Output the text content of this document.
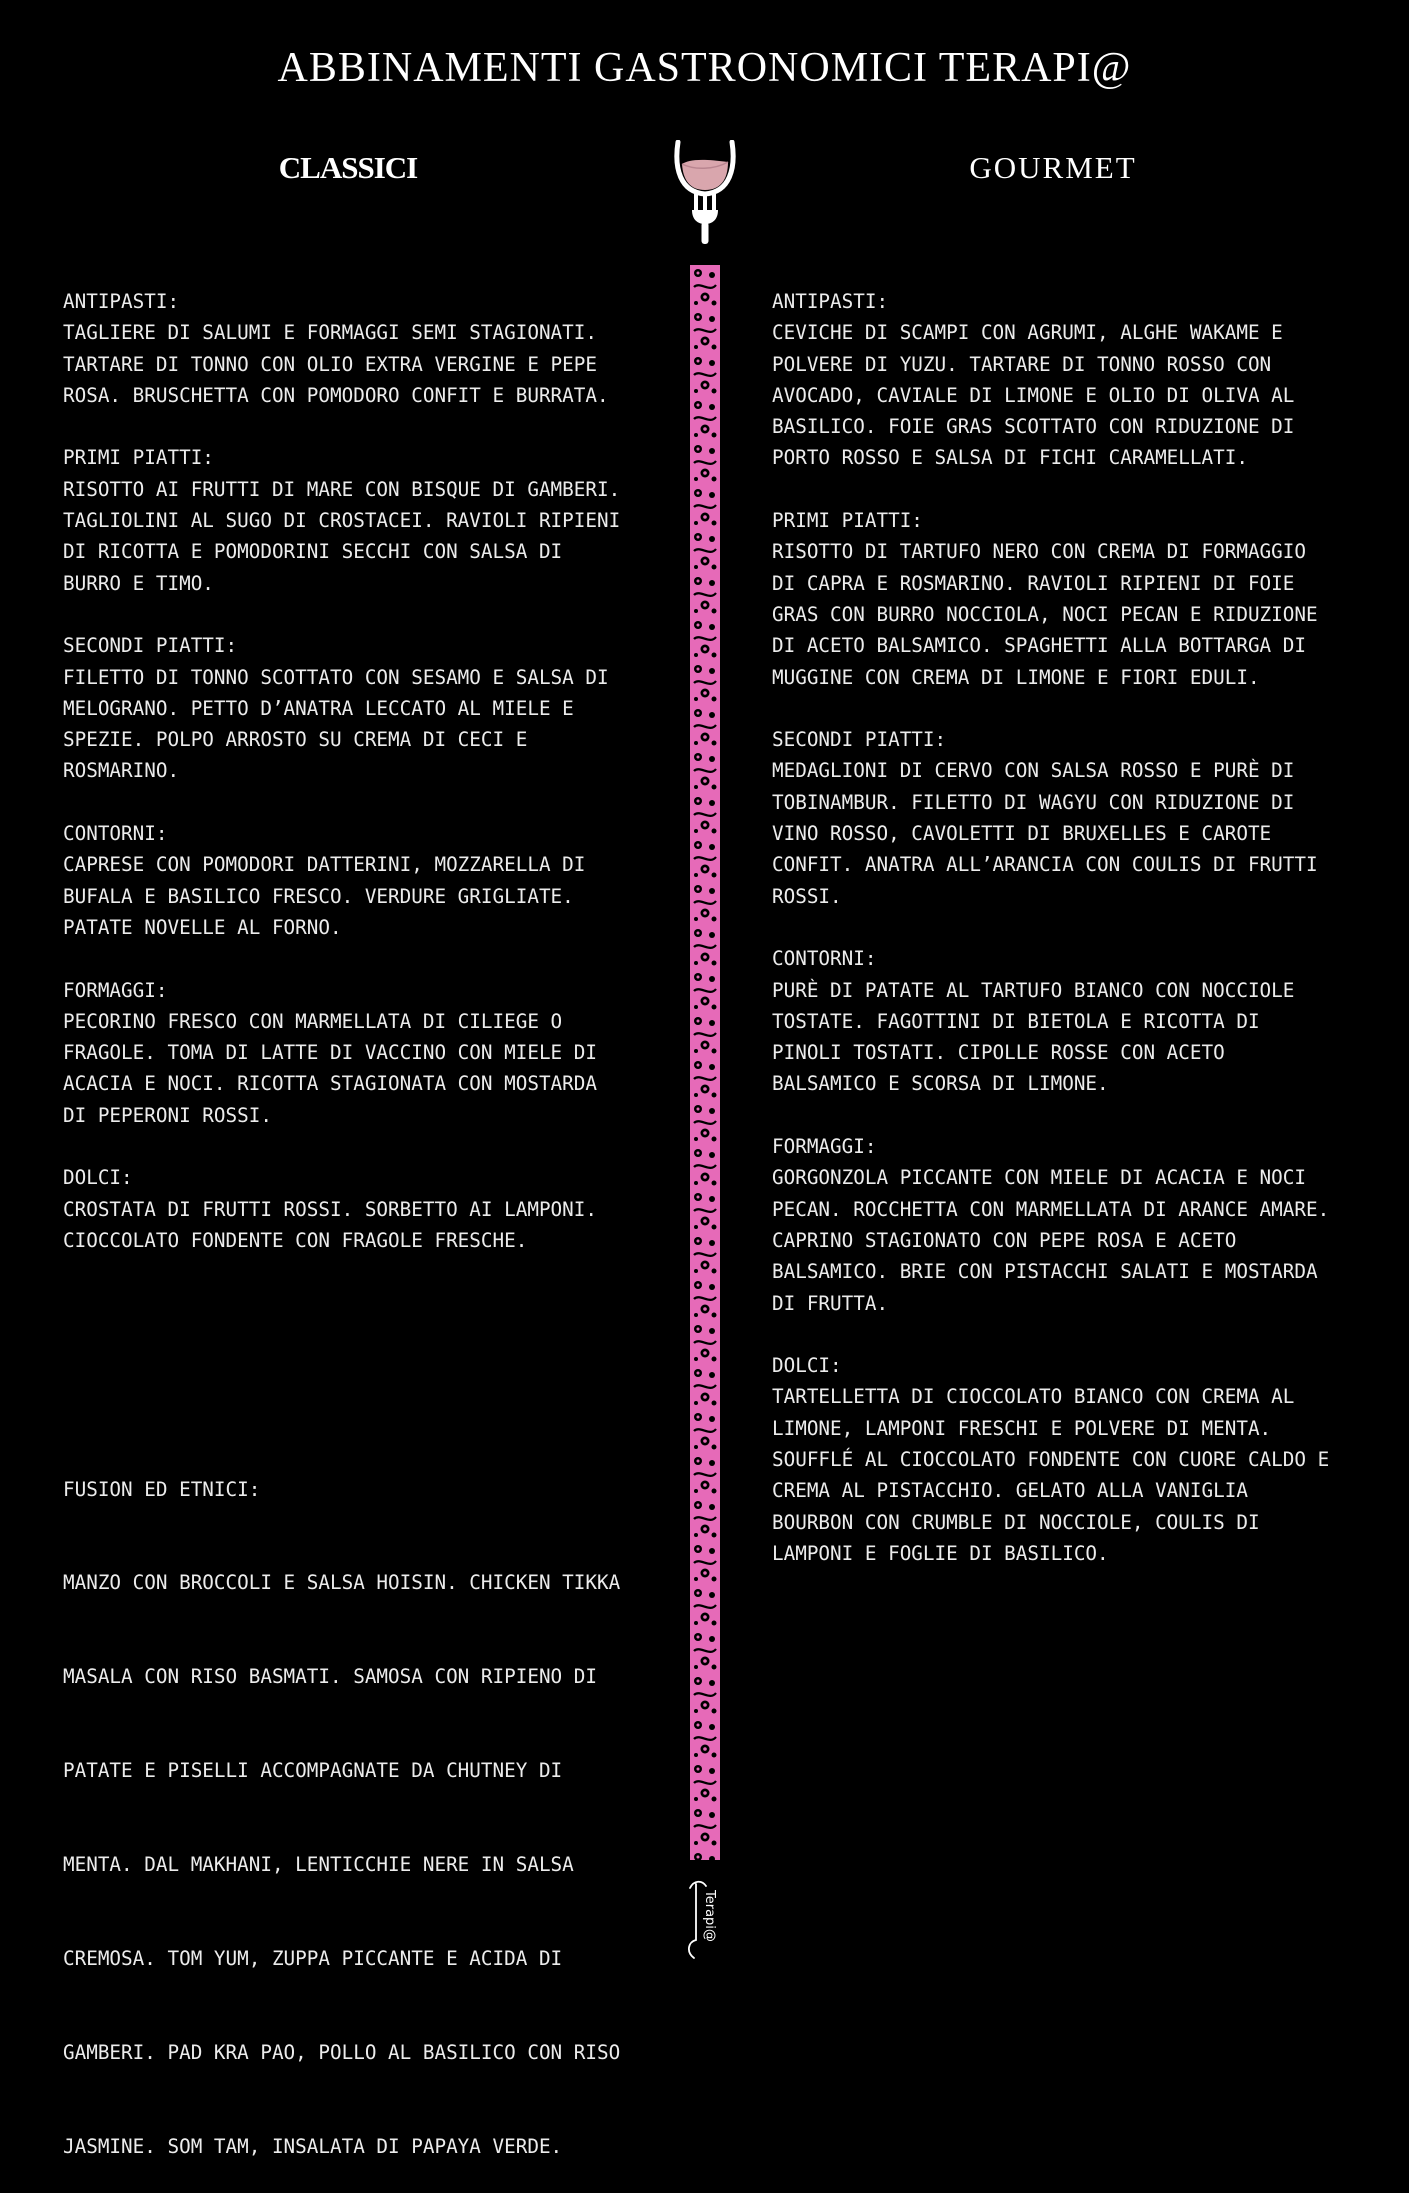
ABBINAMENTI GASTRONOMICI TERAPI@
CLASSICI	GOURMET
ANTIPASTI:
TAGLIERE DI SALUMI E FORMAGGI SEMI STAGIONATI.
TARTARE DI TONNO CON OLIO EXTRA VERGINE E PEPE
ROSA. BRUSCHETTA CON POMODORO CONFIT E BURRATA.
PRIMI PIATTI:
RISOTTO AI FRUTTI DI MARE CON BISQUE DI GAMBERI.
TAGLIOLINI AL SUGO DI CROSTACEI. RAVIOLI RIPIENI
DI RICOTTA E POMODORINI SECCHI CON SALSA DI
BURRO E TIMO.
SECONDI PIATTI:
FILETTO DI TONNO SCOTTATO CON SESAMO E SALSA DI
MELOGRANO. PETTO D’ANATRA LECCATO AL MIELE E
SPEZIE. POLPO ARROSTO SU CREMA DI CECI E
ROSMARINO.
CONTORNI:
CAPRESE CON POMODORI DATTERINI, MOZZARELLA DI
BUFALA E BASILICO FRESCO. VERDURE GRIGLIATE.
PATATE NOVELLE AL FORNO.
FORMAGGI:
PECORINO FRESCO CON MARMELLATA DI CILIEGE O
FRAGOLE. TOMA DI LATTE DI VACCINO CON MIELE DI
ACACIA E NOCI. RICOTTA STAGIONATA CON MOSTARDA
DI PEPERONI ROSSI.
DOLCI:
CROSTATA DI FRUTTI ROSSI. SORBETTO AI LAMPONI.
CIOCCOLATO FONDENTE CON FRAGOLE FRESCHE.

FUSION ED ETNICI:

MANZO CON BROCCOLI E SALSA HOISIN. CHICKEN TIKKA

MASALA CON RISO BASMATI. SAMOSA CON RIPIENO DI

PATATE E PISELLI ACCOMPAGNATE DA CHUTNEY DI

MENTA. DAL MAKHANI, LENTICCHIE NERE IN SALSA

CREMOSA. TOM YUM, ZUPPA PICCANTE E ACIDA DI

GAMBERI. PAD KRA PAO, POLLO AL BASILICO CON RISO

JASMINE. SOM TAM, INSALATA DI PAPAYA VERDE.

ANTIPASTI:
CEVICHE DI SCAMPI CON AGRUMI, ALGHE WAKAME E
POLVERE DI YUZU. TARTARE DI TONNO ROSSO CON
AVOCADO, CAVIALE DI LIMONE E OLIO DI OLIVA AL
BASILICO. FOIE GRAS SCOTTATO CON RIDUZIONE DI
PORTO ROSSO E SALSA DI FICHI CARAMELLATI.
PRIMI PIATTI:
RISOTTO DI TARTUFO NERO CON CREMA DI FORMAGGIO
DI CAPRA E ROSMARINO. RAVIOLI RIPIENI DI FOIE
GRAS CON BURRO NOCCIOLA, NOCI PECAN E RIDUZIONE
DI ACETO BALSAMICO. SPAGHETTI ALLA BOTTARGA DI
MUGGINE CON CREMA DI LIMONE E FIORI EDULI.
SECONDI PIATTI:
MEDAGLIONI DI CERVO CON SALSA ROSSO E PURÈ DI
TOBINAMBUR. FILETTO DI WAGYU CON RIDUZIONE DI
VINO ROSSO, CAVOLETTI DI BRUXELLES E CAROTE
CONFIT. ANATRA ALL’ARANCIA CON COULIS DI FRUTTI
ROSSI.
CONTORNI:
PURÈ DI PATATE AL TARTUFO BIANCO CON NOCCIOLE
TOSTATE. FAGOTTINI DI BIETOLA E RICOTTA DI
PINOLI TOSTATI. CIPOLLE ROSSE CON ACETO
BALSAMICO E SCORSA DI LIMONE.
FORMAGGI:
GORGONZOLA PICCANTE CON MIELE DI ACACIA E NOCI
PECAN. ROCCHETTA CON MARMELLATA DI ARANCE AMARE.
CAPRINO STAGIONATO CON PEPE ROSA E ACETO
BALSAMICO. BRIE CON PISTACCHI SALATI E MOSTARDA
DI FRUTTA.
DOLCI:
TARTELLETTA DI CIOCCOLATO BIANCO CON CREMA AL
LIMONE, LAMPONI FRESCHI E POLVERE DI MENTA.
SOUFFLÉ AL CIOCCOLATO FONDENTE CON CUORE CALDO E
CREMA AL PISTACCHIO. GELATO ALLA VANIGLIA
BOURBON CON CRUMBLE DI NOCCIOLE, COULIS DI
LAMPONI E FOGLIE DI BASILICO.
Terapi@
